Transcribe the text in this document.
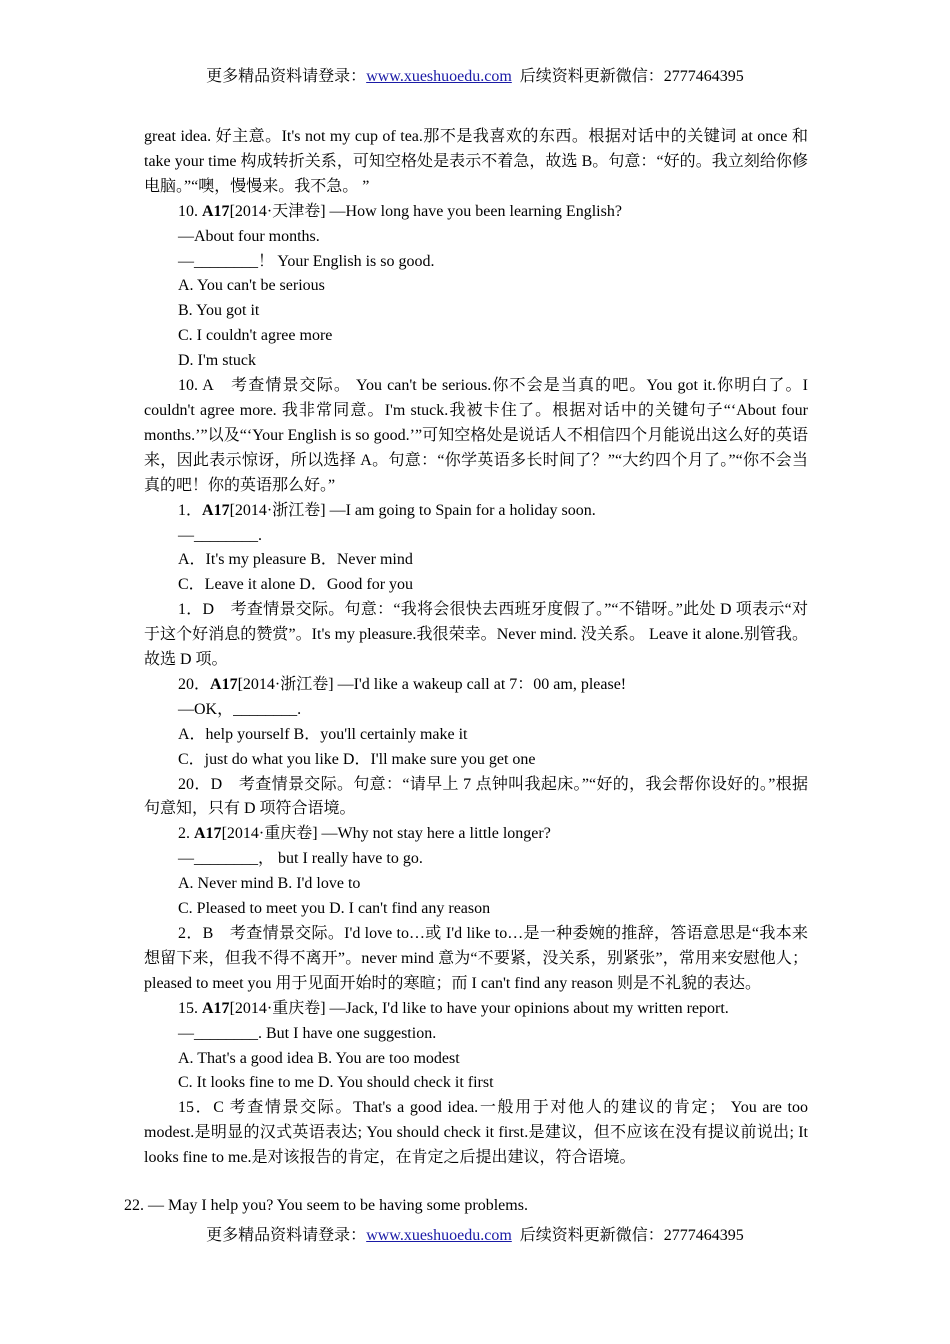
更多精品资料请登录：www.xueshuoedu.com 后续资料更新微信：2777464395

great idea. 好主意。It's not my cup of tea.那不是我喜欢的东西。根据对话中的关键词 at once 和 take your time 构成转折关系，可知空格处是表示不着急，故选 B。句意：“好的。我立刻给你修电脑。”“噢，慢慢来。我不急。 ”

10. A17[2014·天津卷] —How long have you been learning English?

—About four months.

—________！ Your English is so good.

A. You can't be serious

B. You got it

C. I couldn't agree more

D. I'm stuck

10. A　考查情景交际。 You can't be serious.你不会是当真的吧。You got it.你明白了。I couldn't agree more. 我非常同意。I'm stuck.我被卡住了。根据对话中的关键句子“‘About four months.’”以及“‘Your English is so good.’”可知空格处是说话人不相信四个月能说出这么好的英语来，因此表示惊讶，所以选择 A。句意：“你学英语多长时间了？”“大约四个月了。”“你不会当真的吧！你的英语那么好。”

1．A17[2014·浙江卷] —I am going to Spain for a holiday soon.

—________.

A．It's my pleasure B．Never mind

C．Leave it alone D．Good for you

1．D　考查情景交际。句意：“我将会很快去西班牙度假了。”“不错呀。”此处 D 项表示“对于这个好消息的赞赏”。It's my pleasure.我很荣幸。Never mind. 没关系。 Leave it alone.别管我。故选 D 项。

20．A17[2014·浙江卷] —I'd like a wakeup call at 7：00 am, please!

—OK，________.

A．help yourself B．you'll certainly make it

C．just do what you like D．I'll make sure you get one

20．D　考查情景交际。句意：“请早上 7 点钟叫我起床。”“好的，我会帮你设好的。”根据句意知，只有 D 项符合语境。

2. A17[2014·重庆卷] —Why not stay here a little longer?

—________， but I really have to go.

A. Never mind B. I'd love to

C. Pleased to meet you D. I can't find any reason

2．B　考查情景交际。I'd love to…或 I'd like to…是一种委婉的推辞，答语意思是“我本来想留下来，但我不得不离开”。never mind 意为“不要紧，没关系，别紧张”，常用来安慰他人；pleased to meet you 用于见面开始时的寒暄；而 I can't find any reason 则是不礼貌的表达。

15. A17[2014·重庆卷] —Jack, I'd like to have your opinions about my written report.

—________. But I have one suggestion.

A. That's a good idea B. You are too modest

C. It looks fine to me D. You should check it first

15．C 考查情景交际。That's a good idea.一般用于对他人的建议的肯定； You are too modest.是明显的汉式英语表达; You should check it first.是建议，但不应该在没有提议前说出; It looks fine to me.是对该报告的肯定，在肯定之后提出建议，符合语境。

22. — May I help you? You seem to be having some problems.
更多精品资料请登录：www.xueshuoedu.com 后续资料更新微信：2777464395
